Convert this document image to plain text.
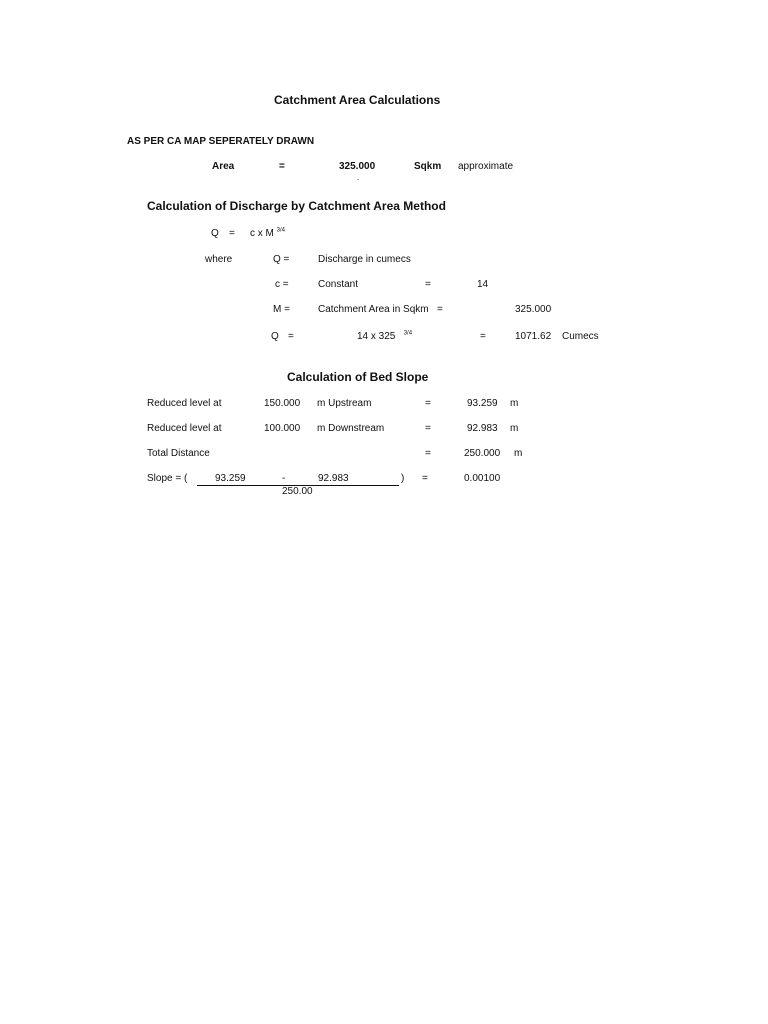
Catchment Area Calculations
AS PER CA MAP SEPERATELY DRAWN
Area	=	325.000	Sqkm approximate
.
Calculation of Discharge by Catchment Area Method
Q = c x M $^{3/4}$
where	Q =	Discharge in cumecs
c =	Constant	=	14
M =	Catchment Area in Sqkm =	325.000
Q =	14 x 325 $^{3/4}$	=	1071.62 Cumecs
Calculation of Bed Slope
Reduced level at	150.000 m Upstream	=	93.259 m
Reduced level at	100.000 m Downstream	=	92.983 m
Total Distance	=	250.000 m
Slope = (	93.259	-	92.983	) =	0.00100
250.00
